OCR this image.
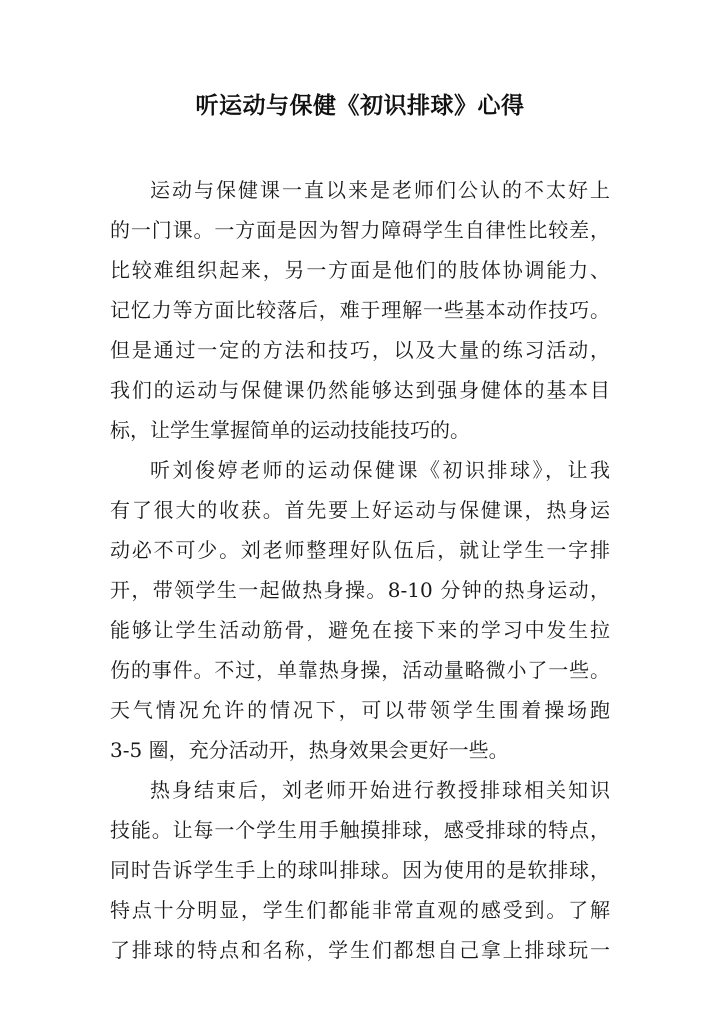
听运动与保健《初识排球》心得
运动与保健课一直以来是老师们公认的不太好上
的一门课。一方面是因为智力障碍学生自律性比较差，
比较难组织起来，另一方面是他们的肢体协调能力、
记忆力等方面比较落后，难于理解一些基本动作技巧。
但是通过一定的方法和技巧，以及大量的练习活动，
我们的运动与保健课仍然能够达到强身健体的基本目
标，让学生掌握简单的运动技能技巧的。
听刘俊婷老师的运动保健课《初识排球》，让我
有了很大的收获。首先要上好运动与保健课，热身运
动必不可少。刘老师整理好队伍后，就让学生一字排
开，带领学生一起做热身操。8-10 分钟的热身运动，
能够让学生活动筋骨，避免在接下来的学习中发生拉
伤的事件。不过，单靠热身操，活动量略微小了一些。
天气情况允许的情况下，可以带领学生围着操场跑
3-5 圈，充分活动开，热身效果会更好一些。
热身结束后，刘老师开始进行教授排球相关知识
技能。让每一个学生用手触摸排球，感受排球的特点，
同时告诉学生手上的球叫排球。因为使用的是软排球，
特点十分明显，学生们都能非常直观的感受到。了解
了排球的特点和名称，学生们都想自己拿上排球玩一
